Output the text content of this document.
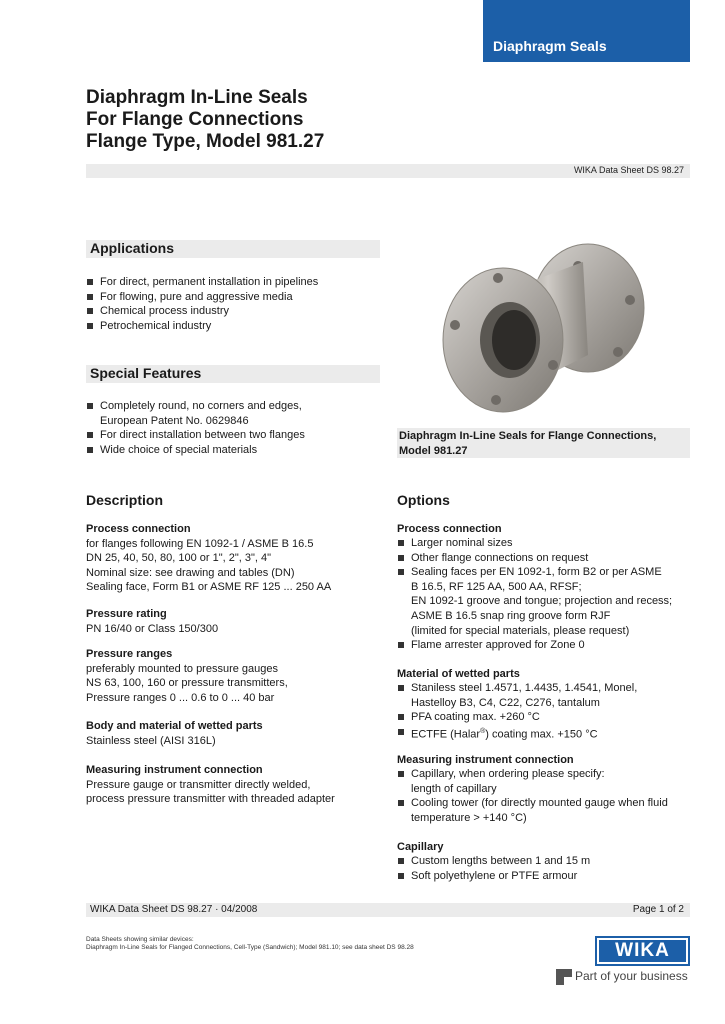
Diaphragm Seals
Diaphragm In-Line Seals
For Flange Connections
Flange Type, Model 981.27
WIKA Data Sheet DS 98.27
Applications
For direct, permanent installation in pipelines
For flowing, pure and aggressive media
Chemical process industry
Petrochemical industry
Special Features
Completely round, no corners and edges,
European Patent No. 0629846
For direct installation between two flanges
Wide choice of special materials
Diaphragm In-Line Seals for Flange Connections,
Model 981.27
Description
Process connection
for flanges following EN 1092-1 / ASME B 16.5
DN 25, 40, 50, 80, 100 or 1", 2", 3", 4"
Nominal size: see drawing and tables (DN)
Sealing face, Form B1 or ASME RF 125 ... 250 AA
Pressure rating
PN 16/40 or Class 150/300
Pressure ranges
preferably mounted to pressure gauges
NS 63, 100, 160 or pressure transmitters,
Pressure ranges 0 ... 0.6 to 0 ... 40 bar
Body and material of wetted parts
Stainless steel (AISI 316L)
Measuring instrument connection
Pressure gauge or transmitter directly welded,
process pressure transmitter with threaded adapter
Options
Process connection
Larger nominal sizes
Other flange connections on request
Sealing faces per EN 1092-1, form B2 or per ASME
B 16.5, RF 125 AA, 500 AA, RFSF;
EN 1092-1 groove and tongue; projection and recess;
ASME B 16.5 snap ring groove form RJF
(limited for special materials, please request)
Flame arrester approved for Zone 0
Material of wetted parts
Staniless steel 1.4571, 1.4435, 1.4541, Monel,
Hastelloy B3, C4, C22, C276, tantalum
PFA coating max. +260 °C
ECTFE (Halar®) coating max. +150 °C
Measuring instrument connection
Capillary, when ordering please specify:
length of capillary
Cooling tower (for directly mounted gauge when fluid
temperature > +140 °C)
Capillary
Custom lengths between 1 and 15 m
Soft polyethylene or PTFE armour
WIKA Data Sheet DS 98.27 · 04/2008	Page 1 of 2
Data Sheets showing similar devices:
Diaphragm In-Line Seals for Flanged Connections, Cell-Type (Sandwich); Model 981.10; see data sheet DS 98.28	WIKA
Part of your business
